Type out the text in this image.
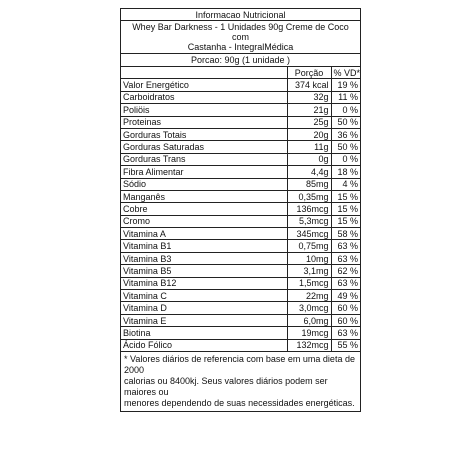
Informacao Nutricional
Whey Bar Darkness - 1 Unidades 90g Creme de Coco com
Castanha - IntegralMédica
Porcao: 90g (1 unidade )
	Porção	% VD*
Valor Energético	374 kcal	19 %
Carboidratos	32g	11 %
Poliöis	21g	0 %
Proteinas	25g	50 %
Gorduras Totais	20g	36 %
Gorduras Saturadas	11g	50 %
Gorduras Trans	0g	0 %
Fibra Alimentar	4,4g	18 %
Sódio	85mg	4 %
Manganês	0,35mg	15 %
Cobre	136mcg	15 %
Cromo	5,3mcg	15 %
Vitamina A	345mcg	58 %
Vitamina B1	0,75mg	63 %
Vitamina B3	10mg	63 %
Vitamina B5	3,1mg	62 %
Vitamina B12	1,5mcg	63 %
Vitamina C	22mg	49 %
Vitamina D	3,0mcg	60 %
Vitamina E	6,0mg	60 %
Biotina	19mcg	63 %
Ácido Fólico	132mcg	55 %
* Valores diários de referencia com base em uma dieta de 2000
calorias ou 8400kj. Seus valores diários podem ser maiores ou
menores dependendo de suas necessidades energéticas.
